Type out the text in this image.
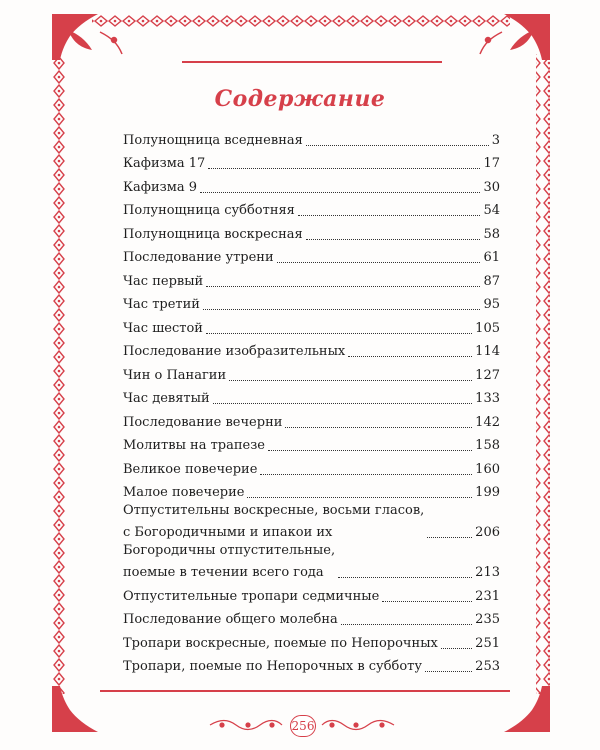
Содержание
Полунощница вседневная	3
Кафизма 17	17
Кафизма 9	30
Полунощница субботняя	54
Полунощница воскресная	58
Последование утрени	61
Час первый	87
Час третий	95
Час шестой	105
Последование изобразительных	114
Чин о Панагии	127
Час девятый	133
Последование вечерни	142
Молитвы на трапезе	158
Великое повечерие	160
Малое повечерие	199
Отпустительны воскресные, восьми гласов,
с Богородичными и ипакои их	206
Богородичны отпустительные,
поемые в течении всего года	213
Отпустительные тропари седмичные	231
Последование общего молебна	235
Тропари воскресные, поемые по Непорочных	251
Тропари, поемые по Непорочных в субботу	253
256
